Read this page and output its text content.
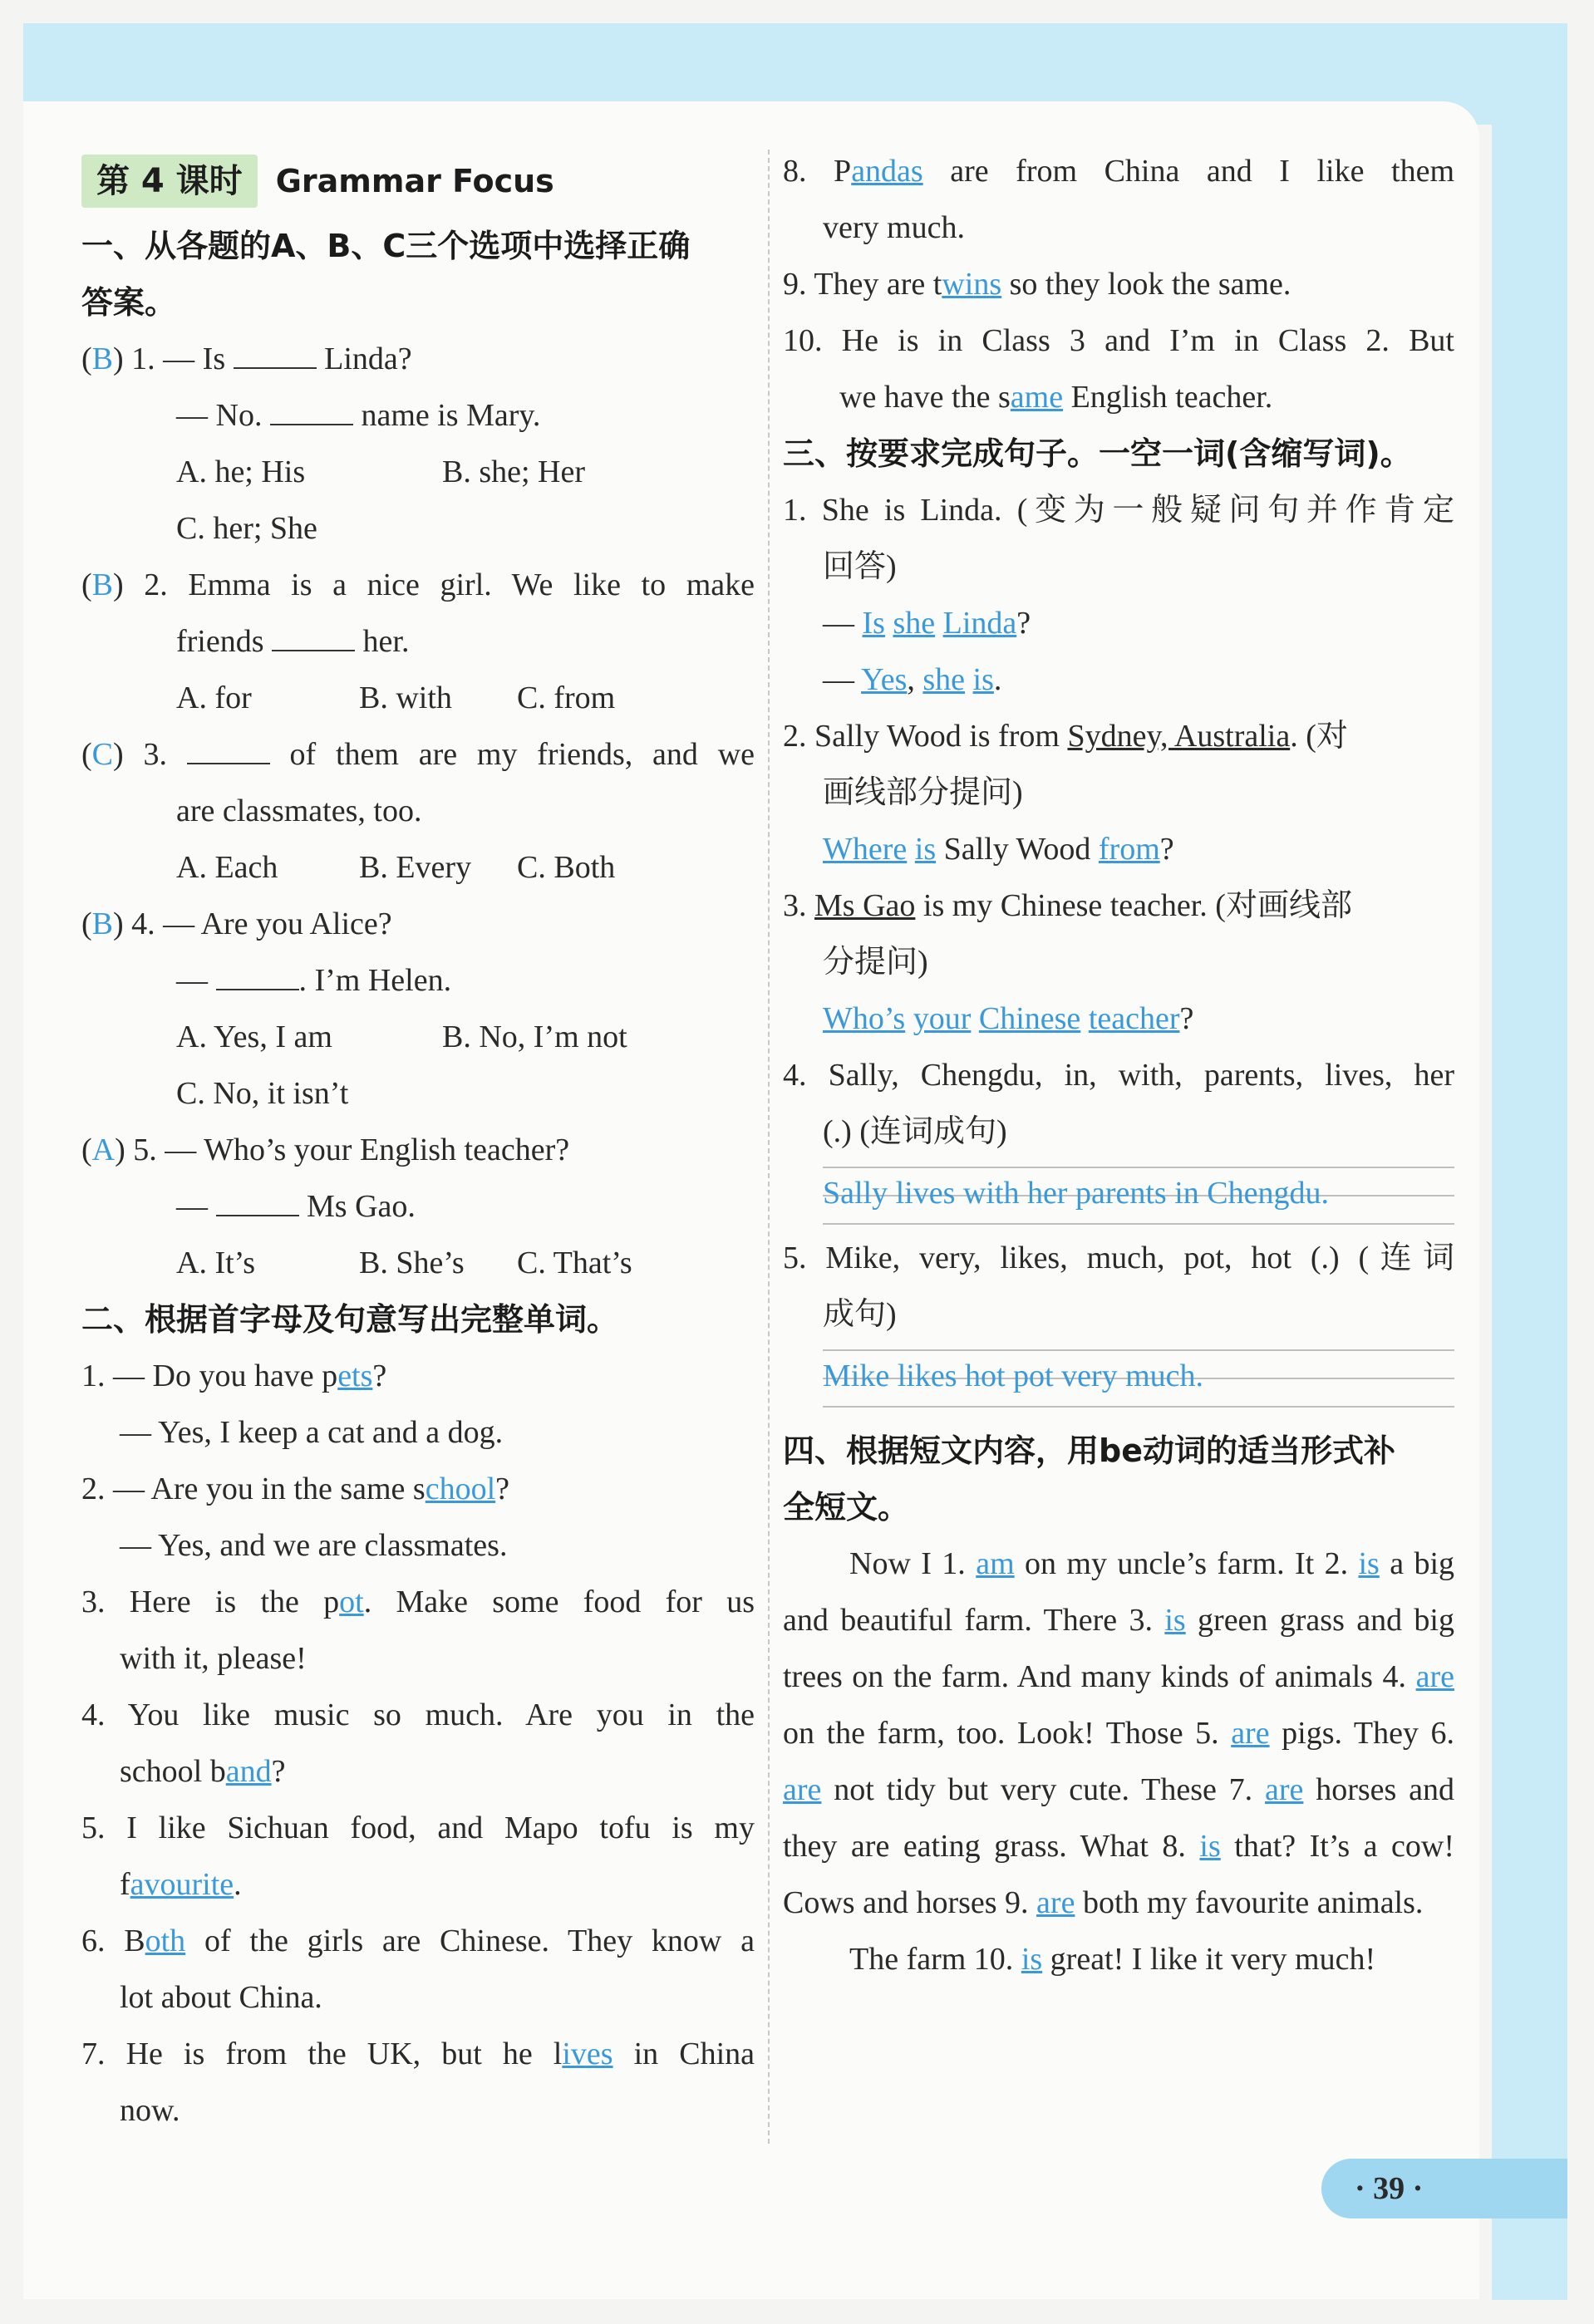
第 4 课时	Grammar Focus
一、从各题的A、B、C三个选项中选择正确
答案。
(B) 1. — Is	Linda?
— No.	name is Mary.
A. he; His	B. she; Her
C. her; She
(B) 2. Emma is a nice girl. We like to make
friends	her.
A. for	B. with	C. from
(C) 3.	of them are my friends, and we
are classmates, too.
A. Each	B. Every	C. Both
(B) 4. — Are you Alice?
—	. I’m Helen.
A. Yes, I am	B. No, I’m not
C. No, it isn’t
(A) 5. — Who’s your English teacher?
—	Ms Gao.
A. It’s	B. She’s	C. That’s
二、根据首字母及句意写出完整单词。
1. — Do you have pets?
— Yes, I keep a cat and a dog.
2. — Are you in the same school?
— Yes, and we are classmates.
3. Here is the pot. Make some food for us
with it, please!
4. You like music so much. Are you in the
school band?
5. I like Sichuan food, and Mapo tofu is my
favourite.
6. Both of the girls are Chinese. They know a
lot about China.
7. He is from the UK, but he lives in China
now.
8. Pandas are from China and I like them
very much.
9. They are twins so they look the same.
10. He is in Class 3 and I’m in Class 2. But
we have the same English teacher.
三、按要求完成句子。一空一词(含缩写词)。
1. She is Linda. (变为一般疑问句并作肯定
回答)
— Is she Linda?
— Yes, she is.
2. Sally Wood is from Sydney, Australia. (对
画线部分提问)
Where is Sally Wood from?
3. Ms Gao is my Chinese teacher. (对画线部
分提问)
Who’s your Chinese teacher?
4. Sally, Chengdu, in, with, parents, lives, her
(.) (连词成句)
Sally lives with her parents in Chengdu.
5. Mike, very, likes, much, pot, hot (.) (连词
成句)
Mike likes hot pot very much.
四、根据短文内容，用be动词的适当形式补
全短文。
Now I 1. am on my uncle’s farm. It 2. is a big and beautiful farm. There 3. is green grass and big trees on the farm. And many kinds of animals 4. are on the farm, too. Look! Those 5. are pigs. They 6. are not tidy but very cute. These 7. are horses and they are eating grass. What 8. is that? It’s a cow! Cows and horses 9. are both my favourite animals.
The farm 10. is great! I like it very much!
· 39 ·
